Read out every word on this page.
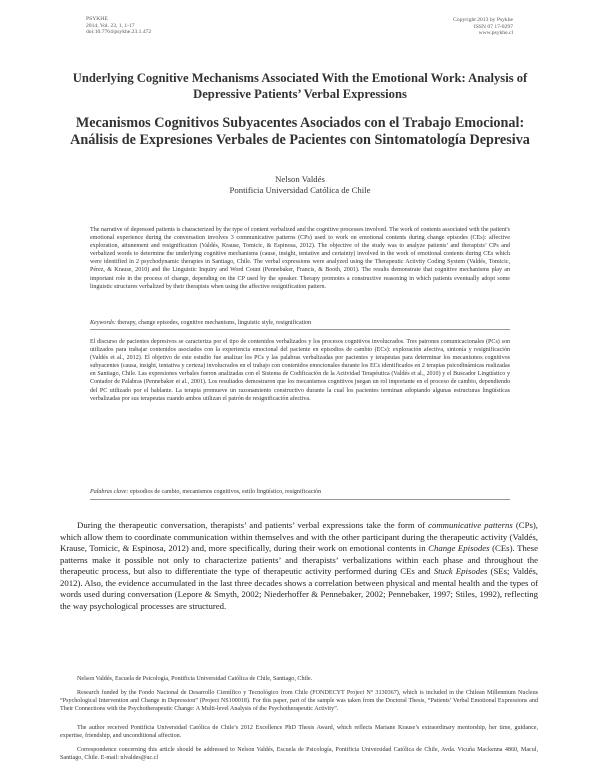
PSYKHE
2014, Vol. 23, 1, 1-17
doi:10.7764/psykhe.23.1.472
Copyright 2013 by Psykhe
ISSN 07 17-0297
www.psykhe.cl
Underlying Cognitive Mechanisms Associated With the Emotional Work: Analysis of Depressive Patients’ Verbal Expressions
Mecanismos Cognitivos Subyacentes Asociados con el Trabajo Emocional: Análisis de Expresiones Verbales de Pacientes con Sintomatología Depresiva
Nelson Valdés
Pontificia Universidad Católica de Chile

The narrative of depressed patients is characterized by the type of content verbalized and the cognitive processes involved. The work of contents associated with the patient's emotional experience during the conversation involves 3 communicative patterns (CPs) used to work on emotional contents during change episodes (CEs): affective exploration, attunement and resignification (Valdés, Krause, Tomicic, & Espinosa, 2012). The objective of the study was to analyze patients’ and therapists’ CPs and verbalized words to determine the underlying cognitive mechanisms (cause, insight, tentative and certainty) involved in the work of emotional contents during CEs which were identified in 2 psychodynamic therapies in Santiago, Chile. The verbal expressions were analyzed using the Therapeutic Activity Coding System (Valdés, Tomicic, Pérez, & Krause, 2010) and the Linguistic Inquiry and Word Count (Pennebaker, Francis, & Booth, 2001). The results demonstrate that cognitive mechanisms play an important role in the process of change, depending on the CP used by the speaker. Therapy promotes a constructive reasoning in which patients eventually adopt some linguistic structures verbalized by their therapists when using the affective resignification pattern.

Keywords: therapy, change episodes, cognitive mechanisms, linguistic style, resignification

El discurso de pacientes depresivos se caracteriza por el tipo de contenidos verbalizados y los procesos cognitivos involucrados. Tres patrones comunicacionales (PCs) son utilizados para trabajar contenidos asociados con la experiencia emocional del paciente en episodios de cambio (ECs): exploración afectiva, sintonía y resignificación (Valdés et al., 2012). El objetivo de este estudio fue analizar los PCs y las palabras verbalizadas por pacientes y terapeutas para determinar los mecanismos cognitivos subyacentes (causa, insight, tentativa y certeza) involucrados en el trabajo con contenidos emocionales durante los ECs identificados en 2 terapias psicodinámicas realizadas en Santiago, Chile. Las expresiones verbales fueron analizadas con el Sistema de Codificación de la Actividad Terapéutica (Valdés et al., 2010) y el Buscador Lingüístico y Contador de Palabras (Pennebaker et al., 2001). Los resultados demostraron que los mecanismos cognitivos juegan un rol importante en el proceso de cambio, dependiendo del PC utilizado por el hablante. La terapia promueve un razonamiento constructivo durante la cual los pacientes terminan adoptando algunas estructuras lingüísticas verbalizadas por sus terapeutas cuando ambos utilizan el patrón de resignificación afectiva.

Palabras clave: episodios de cambio, mecanismos cognitivos, estilo lingüístico, resignificación

During the therapeutic conversation, therapists’ and patients’ verbal expressions take the form of communicative patterns (CPs), which allow them to coordinate communication within themselves and with the other participant during the therapeutic activity (Valdés, Krause, Tomicic, & Espinosa, 2012) and, more specifically, during their work on emotional contents in Change Episodes (CEs). These patterns make it possible not only to characterize patients’ and therapists’ verbalizations within each phase and throughout the therapeutic process, but also to differentiate the type of therapeutic activity performed during CEs and Stuck Episodes (SEs; Valdés, 2012). Also, the evidence accumulated in the last three decades shows a correlation between physical and mental health and the types of words used during conversation (Lepore & Smyth, 2002; Niederhoffer & Pennebaker, 2002; Pennebaker, 1997; Stiles, 1992), reflecting the way psychological processes are structured.

Nelson Valdés, Escuela de Psicología, Pontificia Universidad Católica de Chile, Santiago, Chile.

Research funded by the Fondo Nacional de Desarrollo Científico y Tecnológico from Chile (FONDECYT Project N° 3130367), which is included in the Chilean Millennium Nucleus “Psychological Intervention and Change in Depression” (Project NS100018). For this paper, part of the sample was taken from the Doctoral Thesis, “Patients’ Verbal Emotional Expressions and Their Connections with the Psychotherapeutic Change: A Multi-level Analysis of the Psychotherapeutic Activity”.

The author received Pontificia Universidad Católica de Chile’s 2012 Excellence PhD Thesis Award, which reflects Mariane Krause’s extraordinary mentorship, her time, guidance, expertise, friendship, and unconditional affection.

Correspondence concerning this article should be addressed to Nelson Valdés, Escuela de Psicología, Pontificia Universidad Católica de Chile, Avda. Vicuña Mackenna 4860, Macul, Santiago, Chile. E-mail: nlvaldes@uc.cl
